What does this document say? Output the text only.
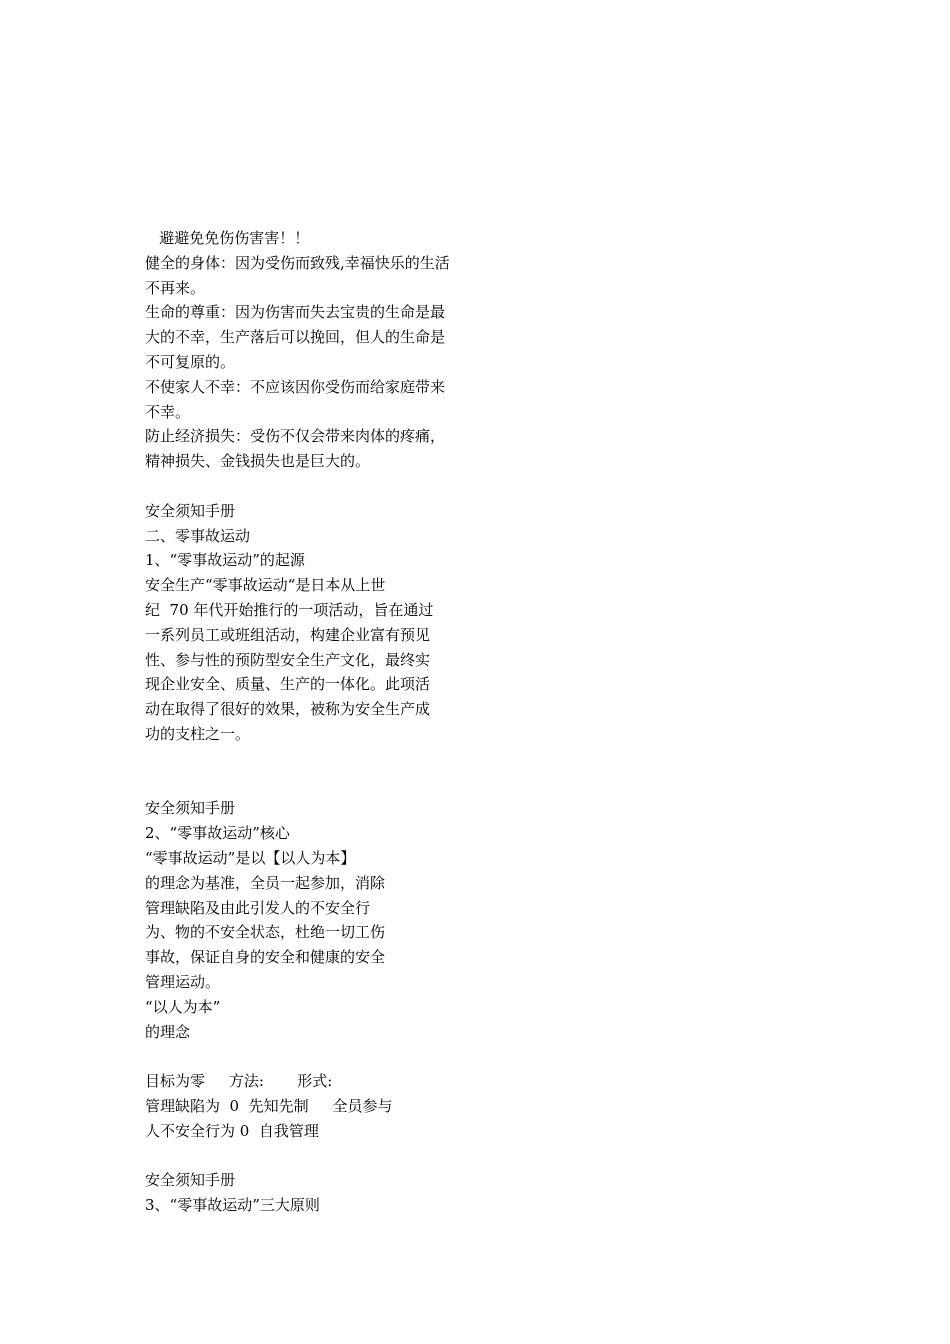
避避免免伤伤害害！！
健全的身体：因为受伤而致残,幸福快乐的生活
不再来。
生命的尊重：因为伤害而失去宝贵的生命是最
大的不幸，生产落后可以挽回，但人的生命是
不可复原的。
不使家人不幸：不应该因你受伤而给家庭带来
不幸。
防止经济损失：受伤不仅会带来肉体的疼痛，
精神损失、金钱损失也是巨大的。
安全须知手册
二、零事故运动
1、“零事故运动”的起源
安全生产“零事故运动“是日本从上世
纪  70 年代开始推行的一项活动，旨在通过
一系列员工或班组活动，构建企业富有预见
性、参与性的预防型安全生产文化，最终实
现企业安全、质量、生产的一体化。此项活
动在取得了很好的效果，被称为安全生产成
功的支柱之一。
安全须知手册
2、“零事故运动”核心
“零事故运动”是以【以人为本】
的理念为基准，全员一起参加，消除
管理缺陷及由此引发人的不安全行
为、物的不安全状态，杜绝一切工伤
事故，保证自身的安全和健康的安全
管理运动。
“以人为本”
的理念
目标为零     方法:       形式:
管理缺陷为  0  先知先制     全员参与
人不安全行为 0  自我管理
安全须知手册
3、“零事故运动”三大原则
